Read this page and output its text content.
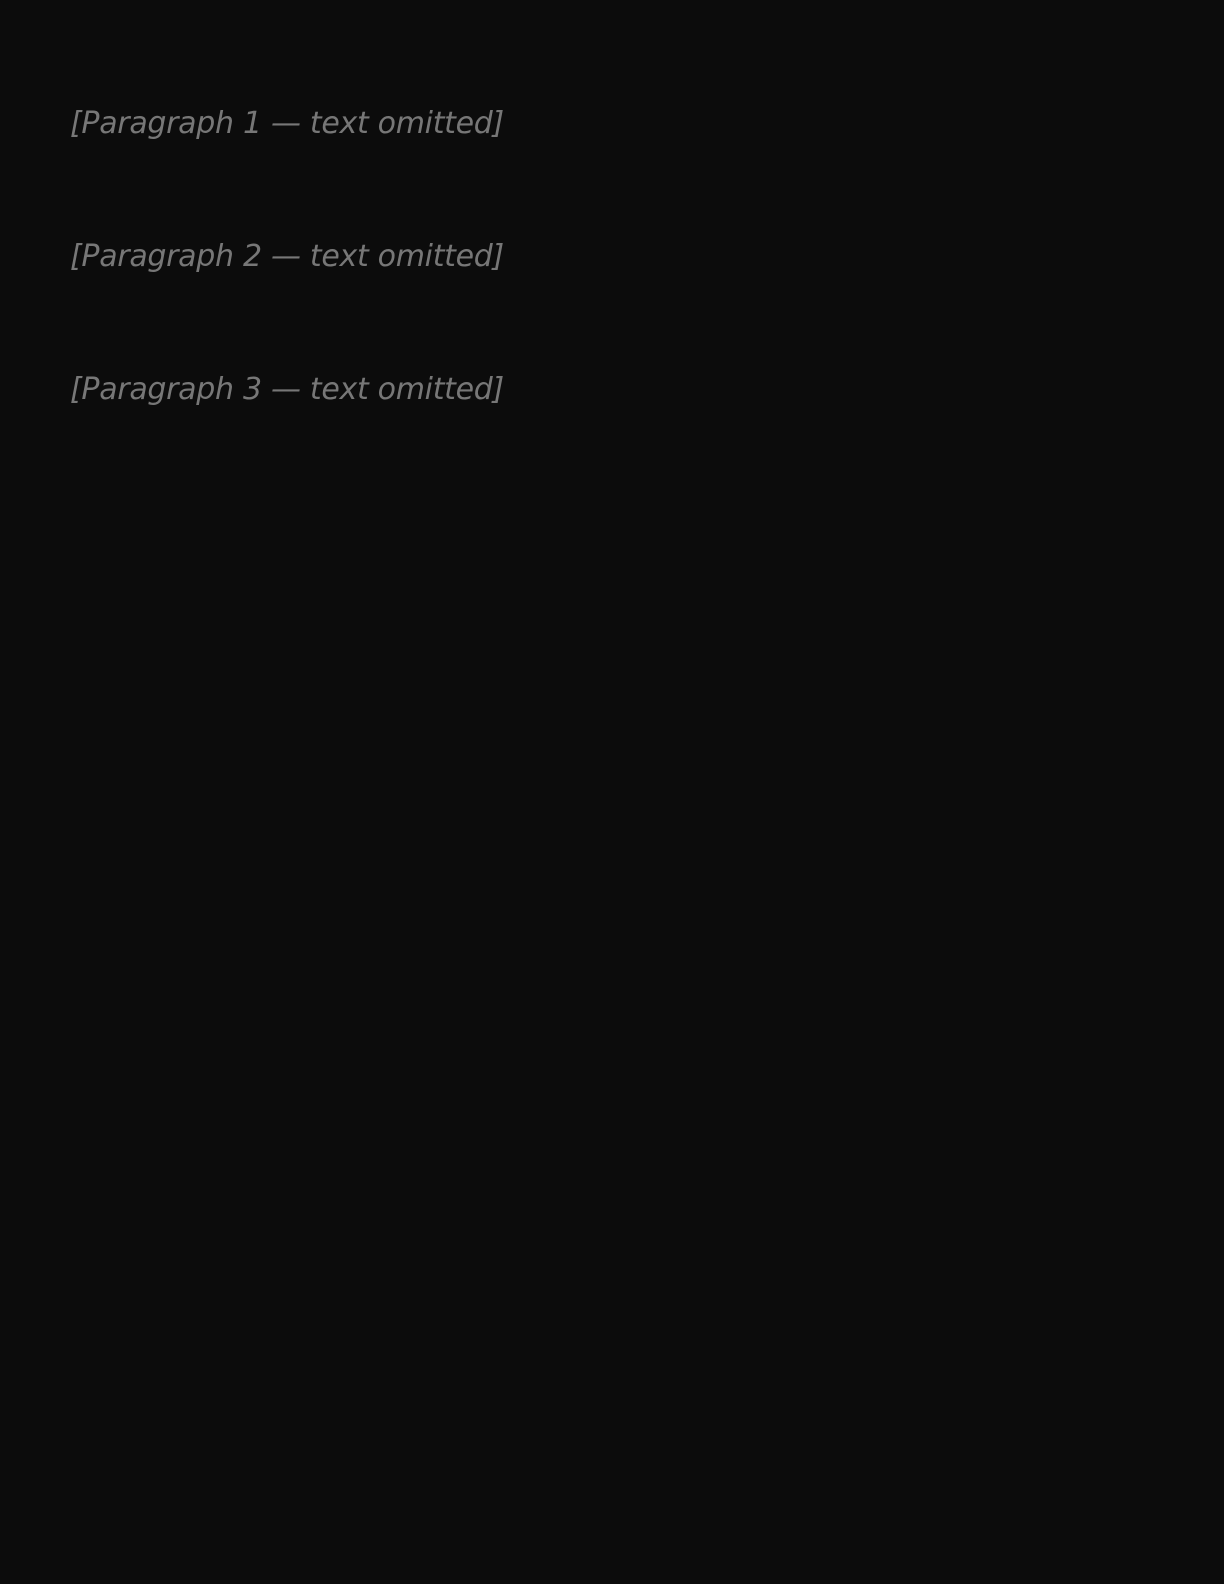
[Paragraph 1 — text omitted]

[Paragraph 2 — text omitted]

[Paragraph 3 — text omitted]
